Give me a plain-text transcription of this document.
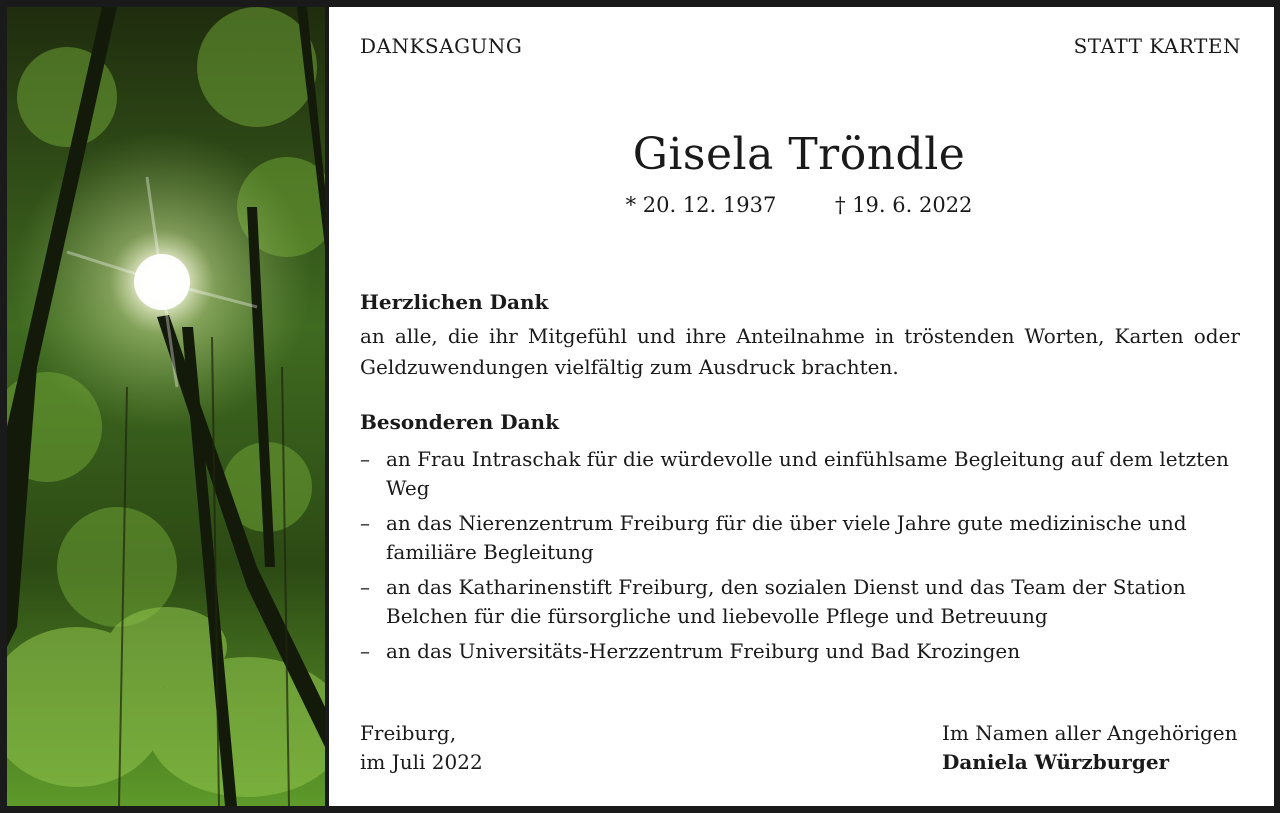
DANKSAGUNG	STATT KARTEN
Gisela Tröndle
* 20. 12. 1937	† 19. 6. 2022
Herzlichen Dank
an alle, die ihr Mitgefühl und ihre Anteilnahme in tröstenden Worten, Karten oder Geldzuwendungen vielfältig zum Ausdruck brachten.
Besonderen Dank
– an Frau Intraschak für die würdevolle und einfühlsame Begleitung auf dem letzten Weg
– an das Nierenzentrum Freiburg für die über viele Jahre gute medizinische und familiäre Begleitung
– an das Katharinenstift Freiburg, den sozialen Dienst und das Team der Station Belchen für die fürsorgliche und liebevolle Pflege und Betreuung
– an das Universitäts-Herzzentrum Freiburg und Bad Krozingen
Freiburg,
im Juli 2022
Im Namen aller Angehörigen
Daniela Würzburger
